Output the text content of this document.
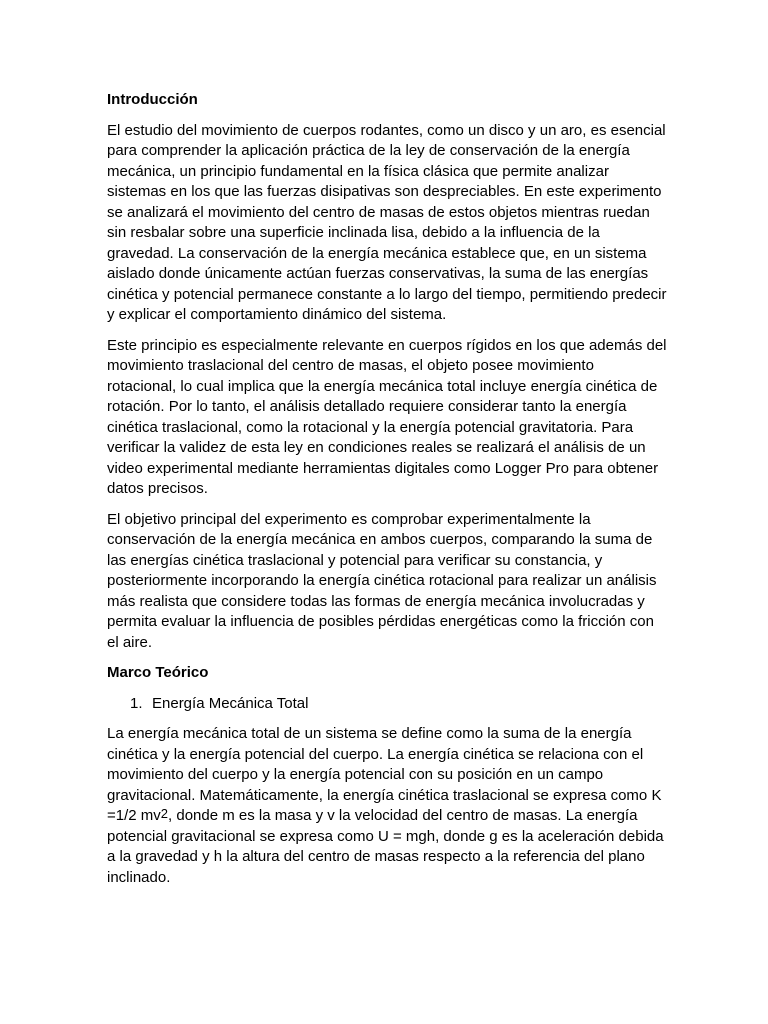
Introducción

El estudio del movimiento de cuerpos rodantes, como un disco y un aro, es esencial para comprender la aplicación práctica de la ley de conservación de la energía mecánica, un principio fundamental en la física clásica que permite analizar sistemas en los que las fuerzas disipativas son despreciables. En este experimento se analizará el movimiento del centro de masas de estos objetos mientras ruedan sin resbalar sobre una superficie inclinada lisa, debido a la influencia de la gravedad. La conservación de la energía mecánica establece que, en un sistema aislado donde únicamente actúan fuerzas conservativas, la suma de las energías cinética y potencial permanece constante a lo largo del tiempo, permitiendo predecir y explicar el comportamiento dinámico del sistema.

Este principio es especialmente relevante en cuerpos rígidos en los que además del movimiento traslacional del centro de masas, el objeto posee movimiento rotacional, lo cual implica que la energía mecánica total incluye energía cinética de rotación. Por lo tanto, el análisis detallado requiere considerar tanto la energía cinética traslacional, como la rotacional y la energía potencial gravitatoria. Para verificar la validez de esta ley en condiciones reales se realizará el análisis de un video experimental mediante herramientas digitales como Logger Pro para obtener datos precisos.

El objetivo principal del experimento es comprobar experimentalmente la conservación de la energía mecánica en ambos cuerpos, comparando la suma de las energías cinética traslacional y potencial para verificar su constancia, y posteriormente incorporando la energía cinética rotacional para realizar un análisis más realista que considere todas las formas de energía mecánica involucradas y permita evaluar la influencia de posibles pérdidas energéticas como la fricción con el aire.

Marco Teórico

1. Energía Mecánica Total

La energía mecánica total de un sistema se define como la suma de la energía cinética y la energía potencial del cuerpo. La energía cinética se relaciona con el movimiento del cuerpo y la energía potencial con su posición en un campo gravitacional. Matemáticamente, la energía cinética traslacional se expresa como K =1/2 $mv^2$, donde m es la masa y v la velocidad del centro de masas. La energía potencial gravitacional se expresa como U = mgh, donde g es la aceleración debida a la gravedad y h la altura del centro de masas respecto a la referencia del plano inclinado.
